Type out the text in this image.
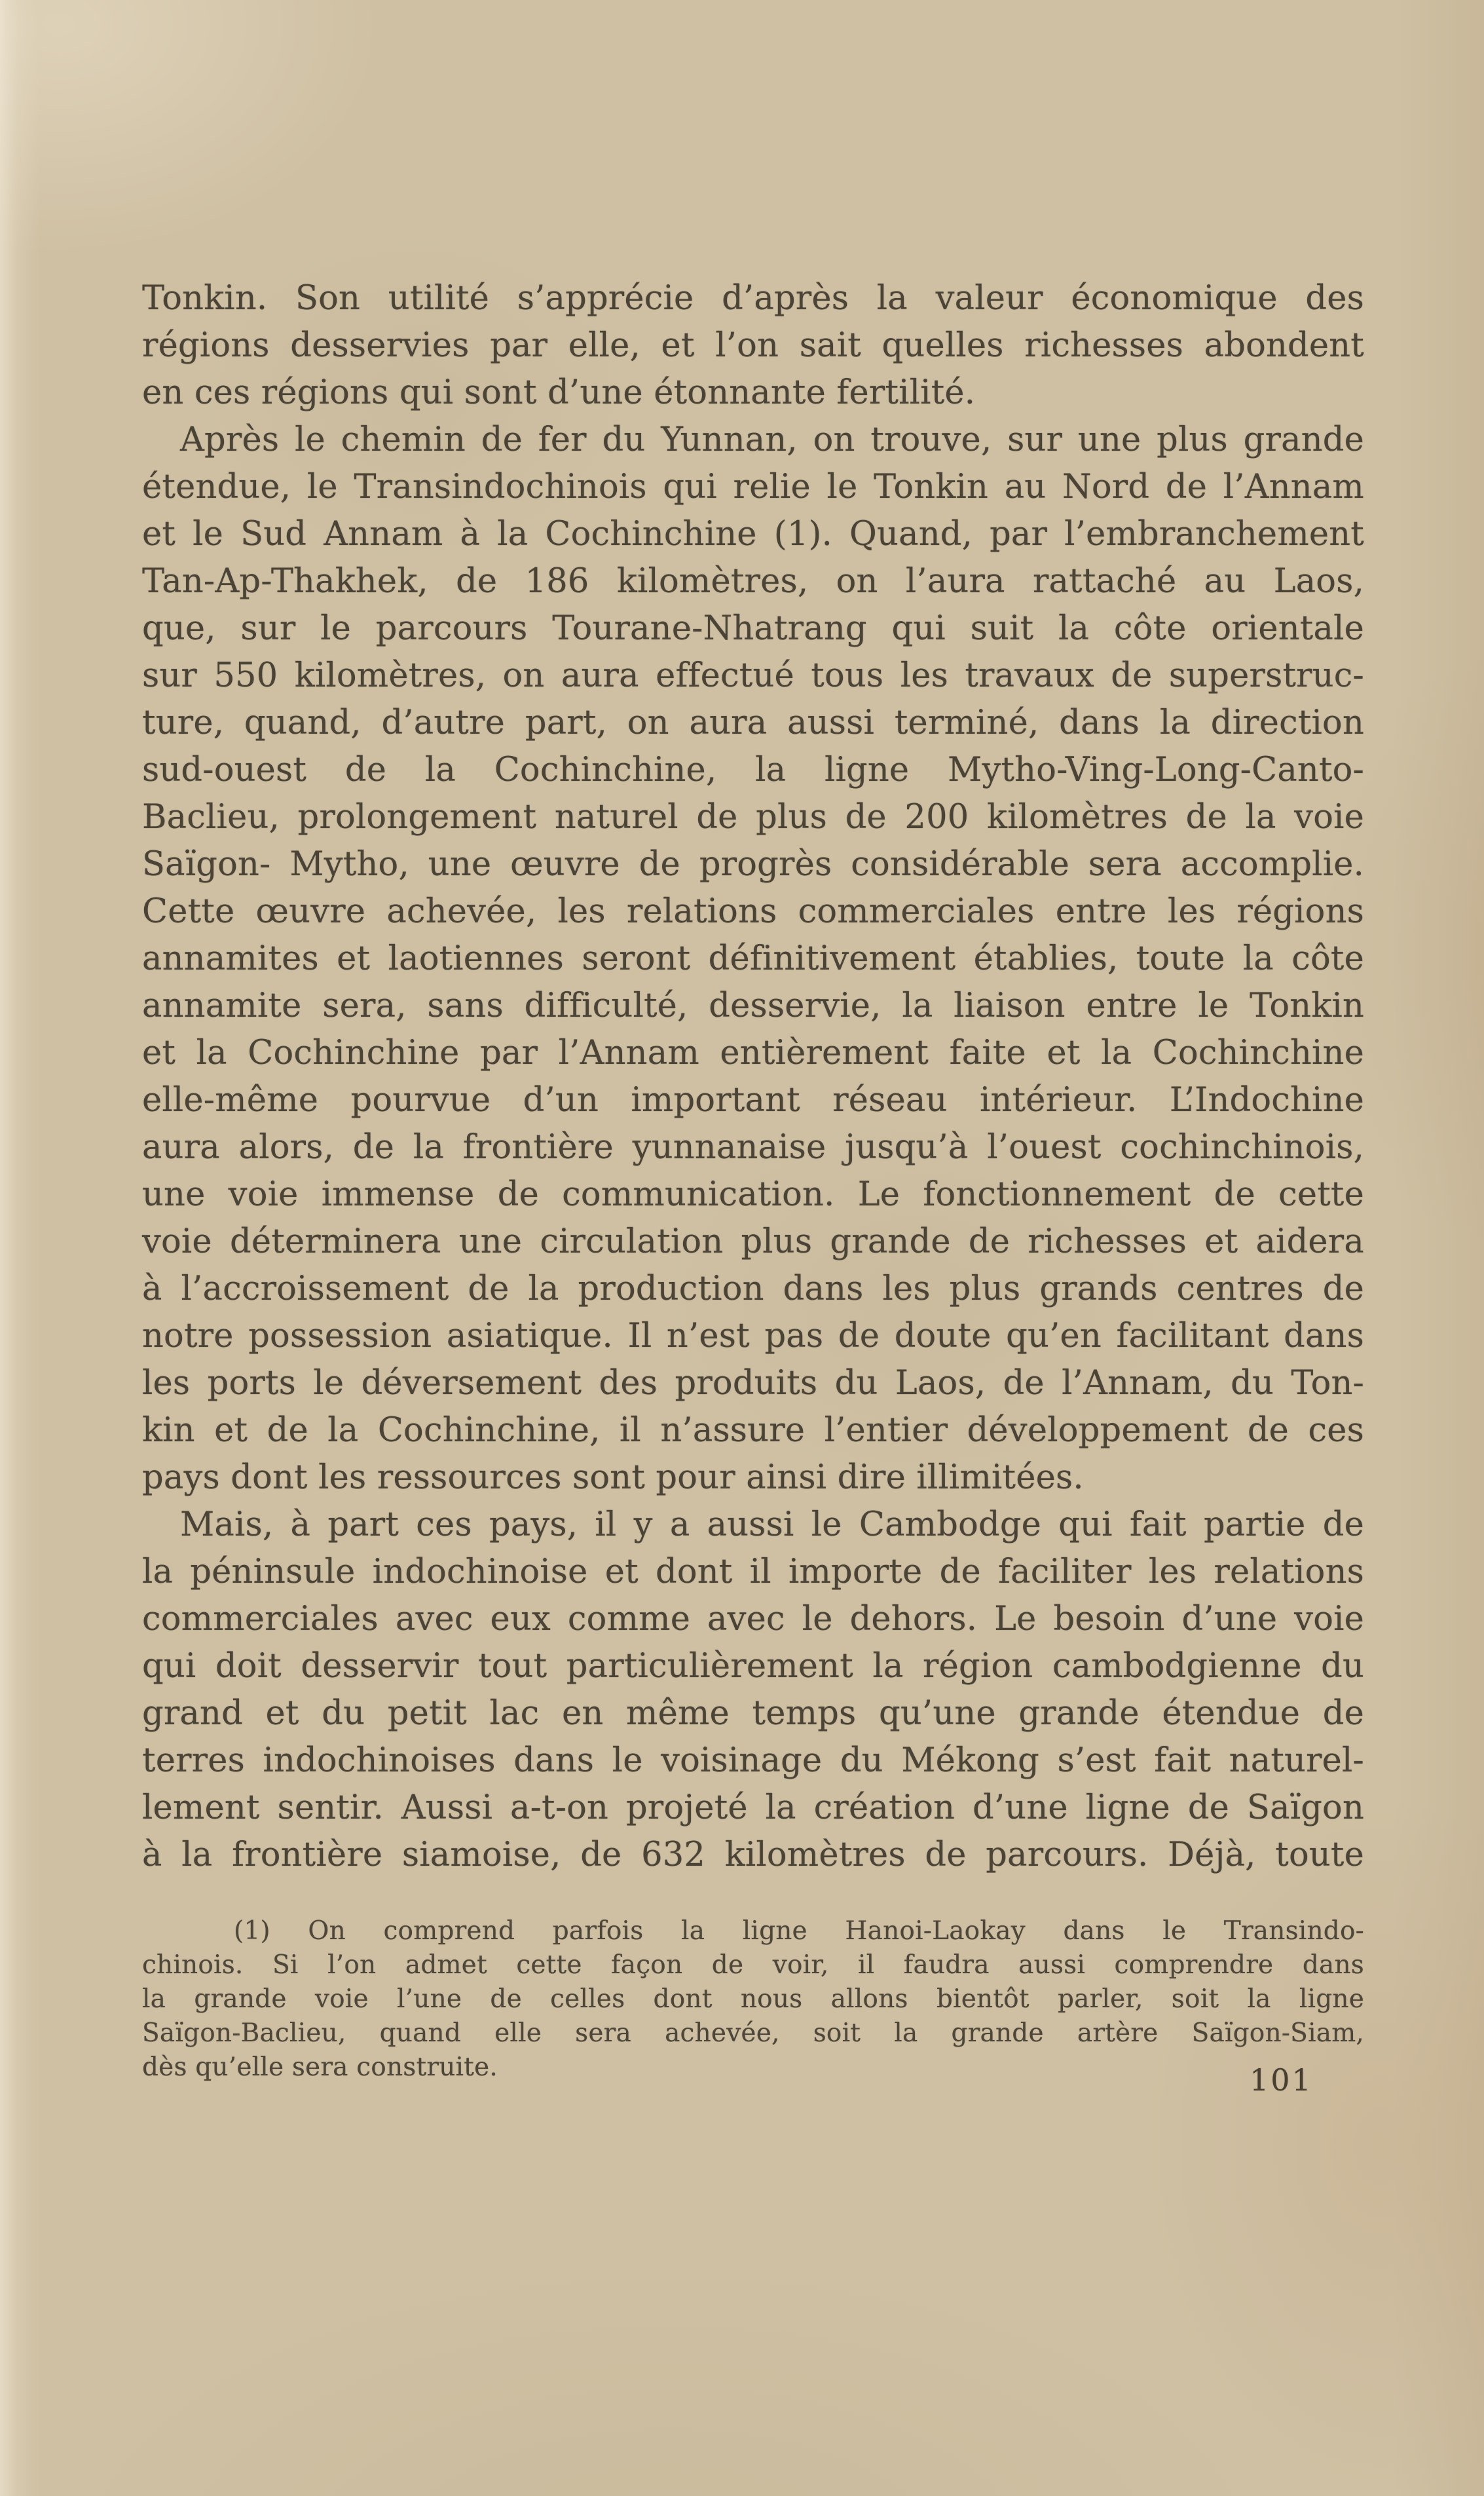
Tonkin. Son utilité s’apprécie d’après la valeur économique des
régions desservies par elle, et l’on sait quelles richesses abondent
en ces régions qui sont d’une étonnante fertilité.
Après le chemin de fer du Yunnan, on trouve, sur une plus grande
étendue, le Transindochinois qui relie le Tonkin au Nord de l’Annam
et le Sud Annam à la Cochinchine (1). Quand, par l’embranchement
Tan-Ap-Thakhek, de 186 kilomètres, on l’aura rattaché au Laos,
que, sur le parcours Tourane-Nhatrang qui suit la côte orientale
sur 550 kilomètres, on aura effectué tous les travaux de superstruc-
ture, quand, d’autre part, on aura aussi terminé, dans la direction
sud-ouest de la Cochinchine, la ligne Mytho-Ving-Long-Canto-
Baclieu, prolongement naturel de plus de 200 kilomètres de la voie
Saïgon- Mytho, une œuvre de progrès considérable sera accomplie.
Cette œuvre achevée, les relations commerciales entre les régions
annamites et laotiennes seront définitivement établies, toute la côte
annamite sera, sans difficulté, desservie, la liaison entre le Tonkin
et la Cochinchine par l’Annam entièrement faite et la Cochinchine
elle-même pourvue d’un important réseau intérieur. L’Indochine
aura alors, de la frontière yunnanaise jusqu’à l’ouest cochinchinois,
une voie immense de communication. Le fonctionnement de cette
voie déterminera une circulation plus grande de richesses et aidera
à l’accroissement de la production dans les plus grands centres de
notre possession asiatique. Il n’est pas de doute qu’en facilitant dans
les ports le déversement des produits du Laos, de l’Annam, du Ton-
kin et de la Cochinchine, il n’assure l’entier développement de ces
pays dont les ressources sont pour ainsi dire illimitées.
Mais, à part ces pays, il y a aussi le Cambodge qui fait partie de
la péninsule indochinoise et dont il importe de faciliter les relations
commerciales avec eux comme avec le dehors. Le besoin d’une voie
qui doit desservir tout particulièrement la région cambodgienne du
grand et du petit lac en même temps qu’une grande étendue de
terres indochinoises dans le voisinage du Mékong s’est fait naturel-
lement sentir. Aussi a-t-on projeté la création d’une ligne de Saïgon
à la frontière siamoise, de 632 kilomètres de parcours. Déjà, toute
(1) On comprend parfois la ligne Hanoi-Laokay dans le Transindo-
chinois. Si l’on admet cette façon de voir, il faudra aussi comprendre dans
la grande voie l’une de celles dont nous allons bientôt parler, soit la ligne
Saïgon-Baclieu, quand elle sera achevée, soit la grande artère Saïgon-Siam,
dès qu’elle sera construite.	101
